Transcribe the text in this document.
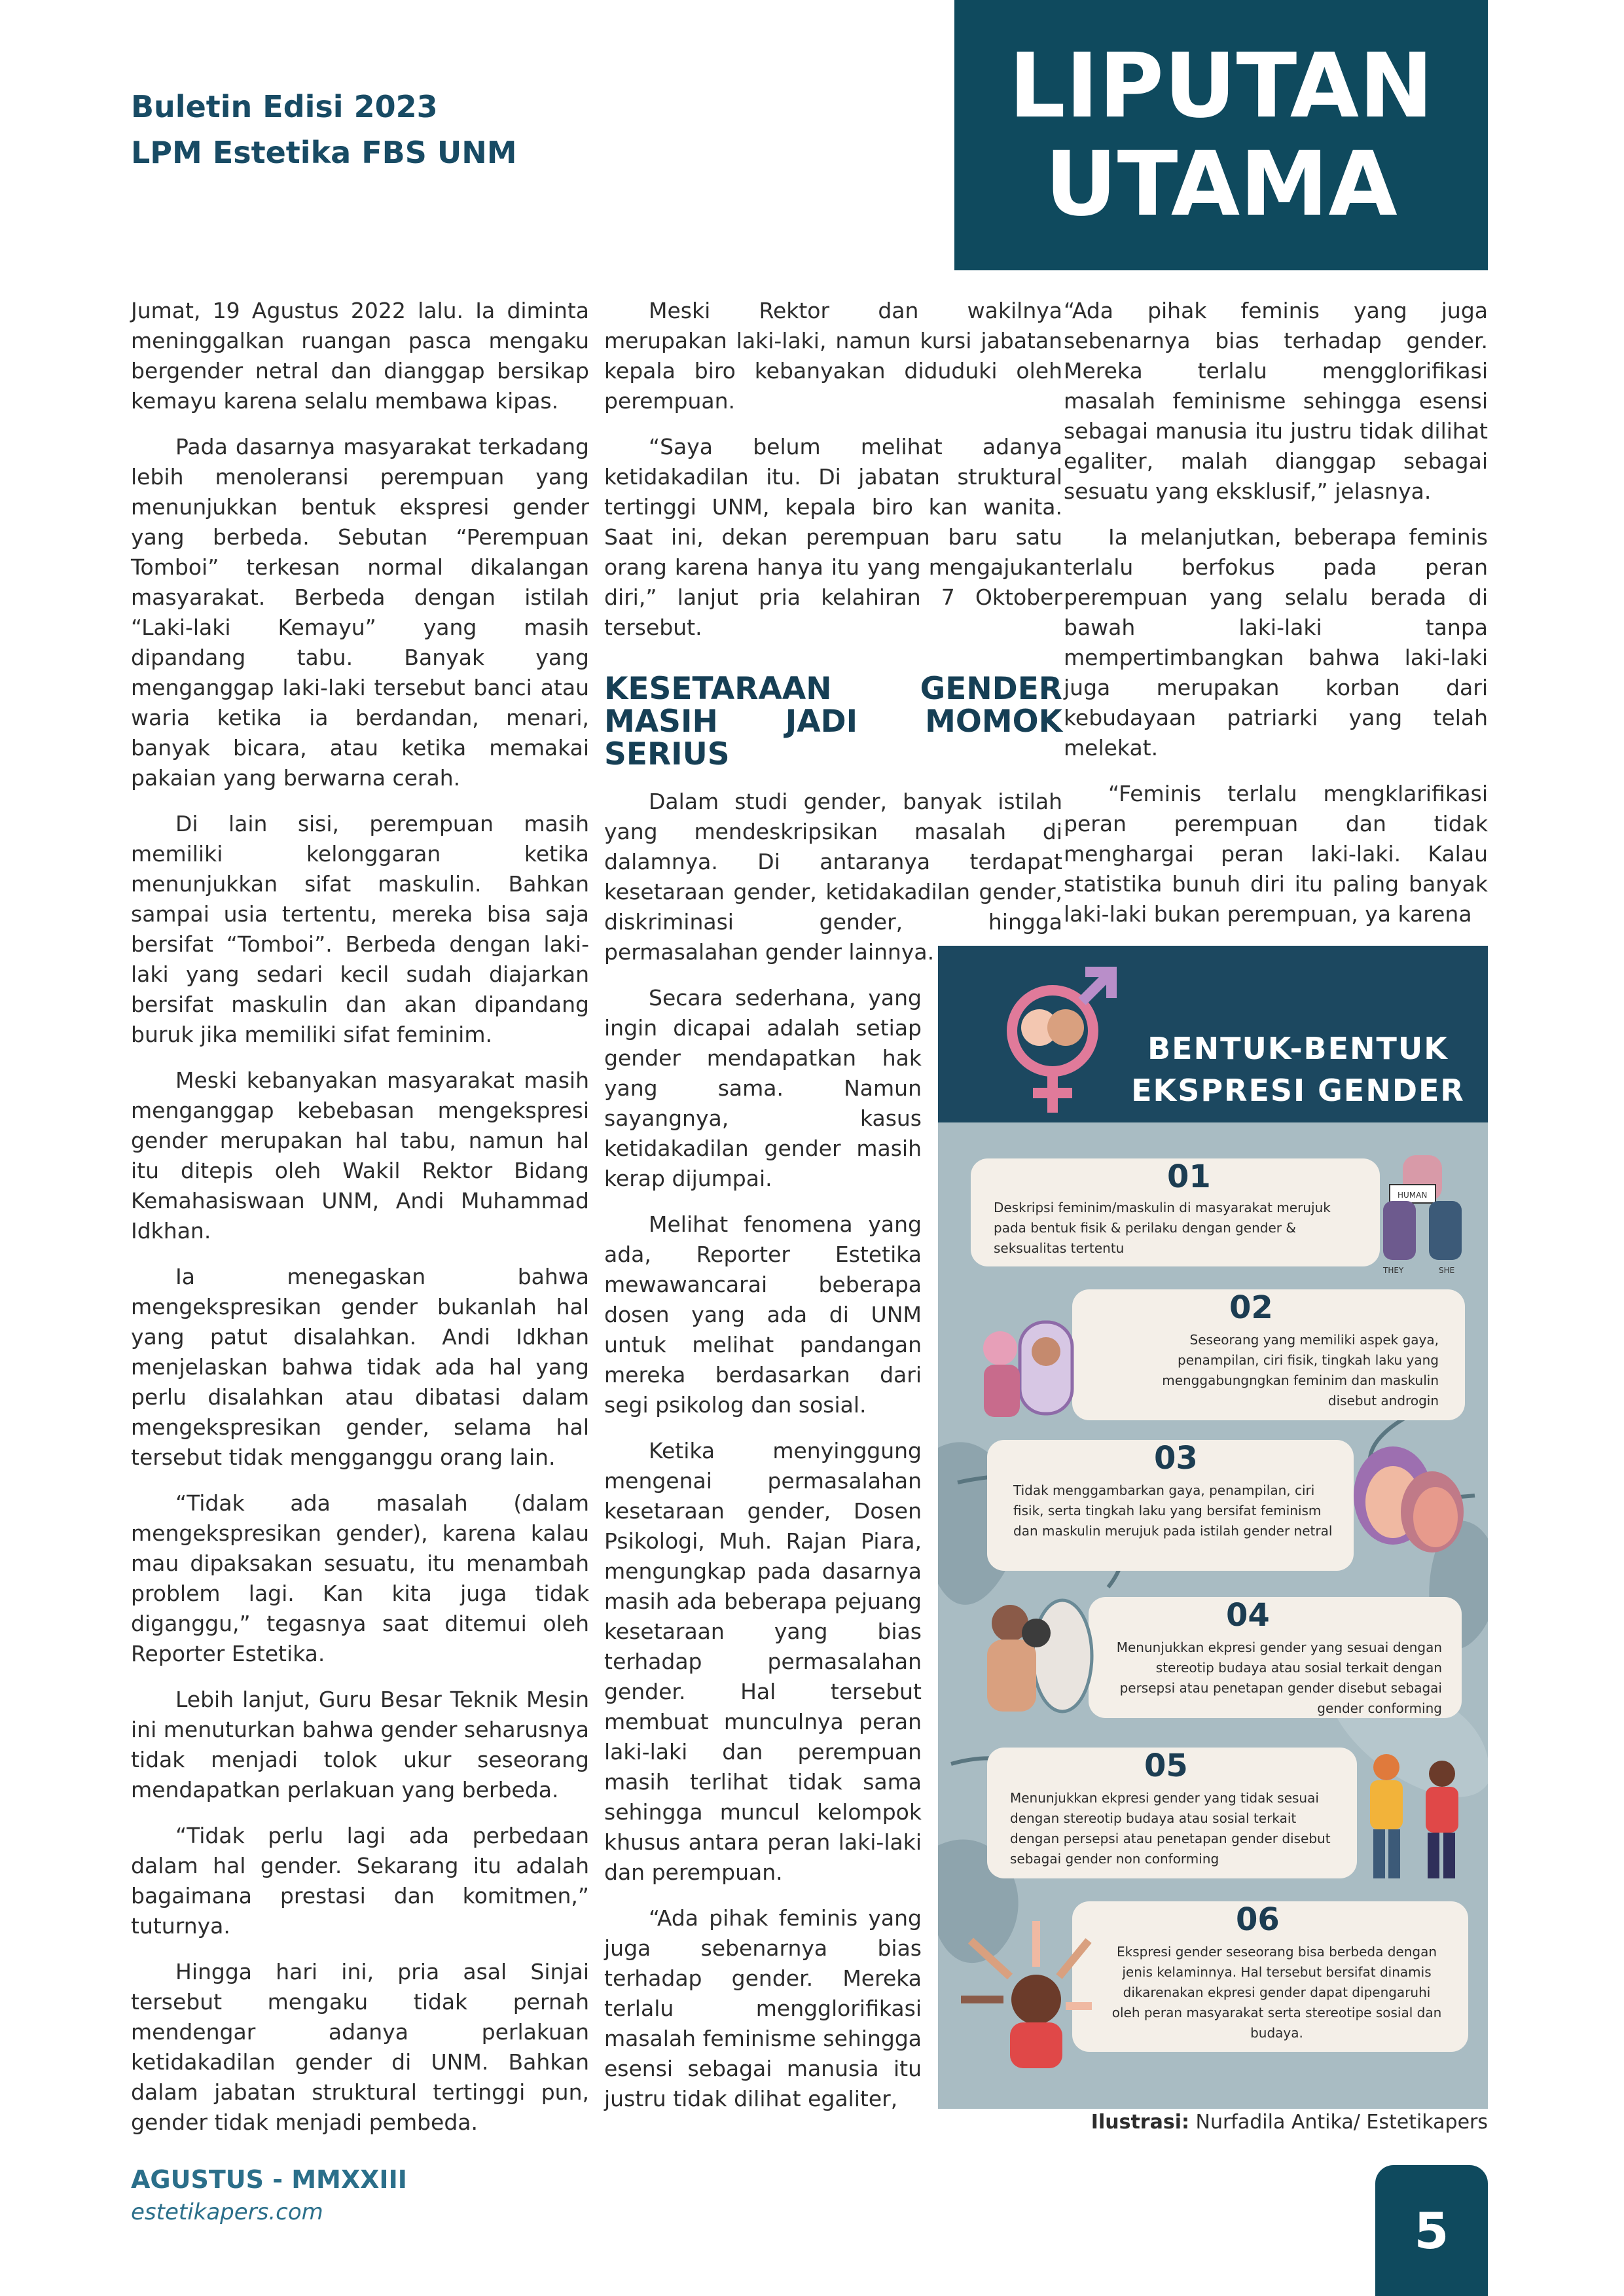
Buletin Edisi 2023
LPM Estetika FBS UNM
LIPUTAN
UTAMA

Jumat, 19 Agustus 2022 lalu. Ia diminta meninggalkan ruangan pasca mengaku bergender netral dan dianggap bersikap kemayu karena selalu membawa kipas.

Pada dasarnya masyarakat terkadang lebih menoleransi perempuan yang menunjukkan bentuk ekspresi gender yang berbeda. Sebutan “Perempuan Tomboi” terkesan normal dikalangan masyarakat. Berbeda dengan istilah “Laki-laki Kemayu” yang masih dipandang tabu. Banyak yang menganggap laki-laki tersebut banci atau waria ketika ia berdandan, menari, banyak bicara, atau ketika memakai pakaian yang berwarna cerah.

Di lain sisi, perempuan masih memiliki kelonggaran ketika menunjukkan sifat maskulin. Bahkan sampai usia tertentu, mereka bisa saja bersifat “Tomboi”. Berbeda dengan laki-laki yang sedari kecil sudah diajarkan bersifat maskulin dan akan dipandang buruk jika memiliki sifat feminim.

Meski kebanyakan masyarakat masih menganggap kebebasan mengekspresi gender merupakan hal tabu, namun hal itu ditepis oleh Wakil Rektor Bidang Kemahasiswaan UNM, Andi Muhammad Idkhan.

Ia menegaskan bahwa mengekspresikan gender bukanlah hal yang patut disalahkan. Andi Idkhan menjelaskan bahwa tidak ada hal yang perlu disalahkan atau dibatasi dalam mengekspresikan gender, selama hal tersebut tidak mengganggu orang lain.

“Tidak ada masalah (dalam mengekspresikan gender), karena kalau mau dipaksakan sesuatu, itu menambah problem lagi. Kan kita juga tidak diganggu,” tegasnya saat ditemui oleh Reporter Estetika.

Lebih lanjut, Guru Besar Teknik Mesin ini menuturkan bahwa gender seharusnya tidak menjadi tolok ukur seseorang mendapatkan perlakuan yang berbeda.

“Tidak perlu lagi ada perbedaan dalam hal gender. Sekarang itu adalah bagaimana prestasi dan komitmen,” tuturnya.

Hingga hari ini, pria asal Sinjai tersebut mengaku tidak pernah mendengar adanya perlakuan ketidakadilan gender di UNM. Bahkan dalam jabatan struktural tertinggi pun, gender tidak menjadi pembeda.

Meski Rektor dan wakilnya merupakan laki-laki, namun kursi jabatan kepala biro kebanyakan diduduki oleh perempuan.

“Saya belum melihat adanya ketidakadilan itu. Di jabatan struktural tertinggi UNM, kepala biro kan wanita. Saat ini, dekan perempuan baru satu orang karena hanya itu yang mengajukan diri,” lanjut pria kelahiran 7 Oktober tersebut.

KESETARAAN GENDER MASIH JADI MOMOK SERIUS

Dalam studi gender, banyak istilah yang mendeskripsikan masalah di dalamnya. Di antaranya terdapat kesetaraan gender, ketidakadilan gender, diskriminasi gender, hingga permasalahan gender lainnya.

Secara sederhana, yang ingin dicapai adalah setiap gender mendapatkan hak yang sama. Namun sayangnya, kasus ketidakadilan gender masih kerap dijumpai.

Melihat fenomena yang ada, Reporter Estetika mewawancarai beberapa dosen yang ada di UNM untuk melihat pandangan mereka berdasarkan dari segi psikolog dan sosial.

Ketika menyinggung mengenai permasalahan kesetaraan gender, Dosen Psikologi, Muh. Rajan Piara, mengungkap pada dasarnya masih ada beberapa pejuang kesetaraan yang bias terhadap permasalahan gender. Hal tersebut membuat munculnya peran laki-laki dan perempuan masih terlihat tidak sama sehingga muncul kelompok khusus antara peran laki-laki dan perempuan.

“Ada pihak feminis yang juga sebenarnya bias terhadap gender. Mereka terlalu mengglorifikasi masalah feminisme sehingga esensi sebagai manusia itu justru tidak dilihat egaliter,

“Ada pihak feminis yang juga sebenarnya bias terhadap gender. Mereka terlalu mengglorifikasi masalah feminisme sehingga esensi sebagai manusia itu justru tidak dilihat egaliter, malah dianggap sebagai sesuatu yang eksklusif,” jelasnya.

Ia melanjutkan, beberapa feminis terlalu berfokus pada peran perempuan yang selalu berada di bawah laki-laki tanpa mempertimbangkan bahwa laki-laki juga merupakan korban dari kebudayaan patriarki yang telah melekat.

“Feminis terlalu mengklarifikasi peran perempuan dan tidak menghargai peran laki-laki. Kalau statistika bunuh diri itu paling banyak laki-laki bukan perempuan, ya karena

BENTUK-BENTUK
EKSPRESI GENDER
01
Deskripsi feminim/maskulin di masyarakat merujuk pada bentuk fisik & perilaku dengan gender & seksualitas tertentu
HUMAN
THEY	SHE
02
Seseorang yang memiliki aspek gaya, penampilan, ciri fisik, tingkah laku yang menggabungngkan feminim dan maskulin disebut androgin
03
Tidak menggambarkan gaya, penampilan, ciri fisik, serta tingkah laku yang bersifat feminism dan maskulin merujuk pada istilah gender netral
04
Menunjukkan ekpresi gender yang sesuai dengan stereotip budaya atau sosial terkait dengan persepsi atau penetapan gender disebut sebagai gender conforming
05
Menunjukkan ekpresi gender yang tidak sesuai dengan stereotip budaya atau sosial terkait dengan persepsi atau penetapan gender disebut sebagai gender non conforming
06
Ekspresi gender seseorang bisa berbeda dengan jenis kelaminnya. Hal tersebut bersifat dinamis dikarenakan ekpresi gender dapat dipengaruhi oleh peran masyarakat serta stereotipe sosial dan budaya.
Ilustrasi: Nurfadila Antika/ Estetikapers
AGUSTUS - MMXXIII
estetikapers.com	5
